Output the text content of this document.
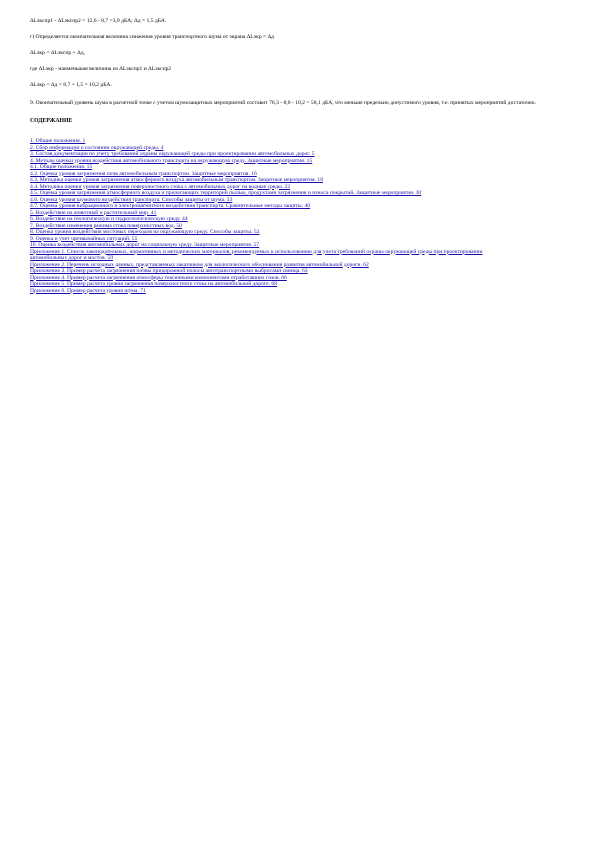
ΔLэкспр1 - ΔLэкспр2 = 12,6 - 8,7 =3,9 дБА; Δд = 1,5 дБА.

г) Определяется окончательная величина снижения уровня транспортного шума от экрана ΔLэкр = Δд

ΔLэкр = ΔLэкспр + Δд,

где ΔLэкр - наименьшая величина из ΔLэкспр1 и ΔLэкспр2

ΔLэкр = Δд = 8,7 + 1,5 = 10,2 дБА.

9. Окончательный уровень шума в расчетной точке с учетом шумозащитных мероприятий составит 76,3 - 8,0 - 10,2 = 58,1 дБА, что меньше предельно допустимого уровня, т.е. принятых мероприятий достаточно.

СОДЕРЖАНИЕ
1. Общие положения. 1
2. Сбор информации о состоянии окружающей среды. 4
3. Состав документации по учету требований охраны окружающей среды при проектировании автомобильных дорог. 5
4. Методы оценки уровня воздействия автомобильного транспорта на окружающую среду. Защитные мероприятия. 15
4.1. Общие положения. 15
4.2. Оценка уровня загрязнения почв автомобильным транспортом. Защитные мероприятия. 16
4.3. Методика оценки уровня загрязнения атмосферного воздуха автомобильным транспортом. Защитные мероприятия. 18
4.4. Методика оценки уровня загрязнения поверхностного стока с автомобильных дорог на водные среды. 22
4.5. Оценка уровня загрязнения атмосферного воздуха и прилегающих территорий пылью, продуктами загрязнения и износа покрытий. Защитные мероприятия. 30
4.6. Оценка уровня шумового воздействия транспорта. Способы защиты от шума. 33
4.7. Оценка уровня вибрационного и электромагнитного воздействия транспорта. Сравнительные методы защиты. 40
5. Воздействие на животный и растительный мир. 41
6. Воздействие на геологическую и гидрогеологическую среду. 44
7. Воздействие изменения режима стока поверхностных вод. 50
8. Оценка уровня воздействия мостовых переходов на окружающую среду. Способы защиты. 52
9. Оценка и учет чрезвычайных ситуаций. 55
10. Оценка воздействия автомобильных дорог на социальную среду. Защитные мероприятия. 57
Приложение 1. Список законодательных, нормативных и методических материалов, рекомендуемых к использованию для учета требований охраны окружающей среды при проектировании автомобильных дорог и мостов. 59
Приложение 2. Перечень исходных данных, представляемых заказчиком для экологического обоснования развития автомобильной дороги. 62
Приложение 3. Пример расчета загрязнения почвы придорожной полосы автотранспортными выбросами свинца. 63
Приложение 4. Пример расчета загрязнения атмосферы токсичными компонентами отработавших газов. 66
Приложение 5. Пример расчета уровня загрязнения поверхностного стока на автомобильной дороге. 68
Приложение 6. Пример расчета уровня шума. 71
